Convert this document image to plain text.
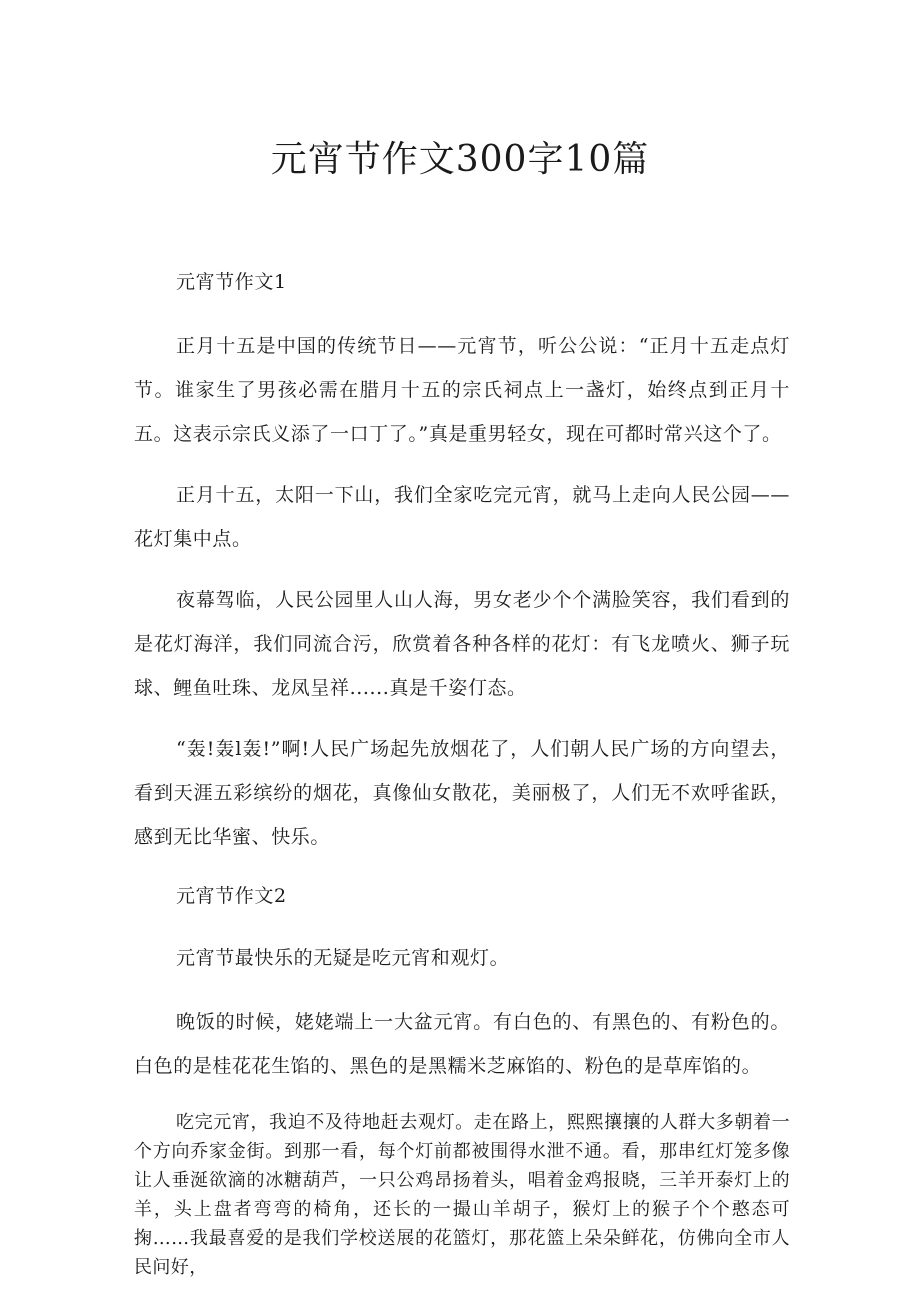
元宵节作文300字10篇

元宵节作文1

正月十五是中国的传统节日——元宵节，听公公说：“正月十五走点灯节。谁家生了男孩必需在腊月十五的宗氏祠点上一盏灯，始终点到正月十五。这表示宗氏义添了一口丁了。”真是重男轻女，现在可都时常兴这个了。

正月十五，太阳一下山，我们全家吃完元宵，就马上走向人民公园——花灯集中点。

夜幕驾临，人民公园里人山人海，男女老少个个满脸笑容，我们看到的是花灯海洋，我们同流合污，欣赏着各种各样的花灯：有飞龙喷火、狮子玩球、鲤鱼吐珠、龙凤呈祥......真是千姿仃态。

“轰!轰l轰!”啊!人民广场起先放烟花了，人们朝人民广场的方向望去，看到天涯五彩缤纷的烟花，真像仙女散花，美丽极了，人们无不欢呼雀跃，感到无比华蜜、快乐。

元宵节作文2

元宵节最快乐的无疑是吃元宵和观灯。

晚饭的时候，姥姥端上一大盆元宵。有白色的、有黑色的、有粉色的。白色的是桂花花生馅的、黑色的是黑糯米芝麻馅的、粉色的是草库馅的。

吃完元宵，我迫不及待地赶去观灯。走在路上，熙熙攘攘的人群大多朝着一个方向乔家金街。到那一看，每个灯前都被围得水泄不通。看，那串红灯笼多像让人垂涎欲滴的冰糖葫芦，一只公鸡昂扬着头，唱着金鸡报晓，三羊开泰灯上的羊，头上盘者弯弯的椅角，还长的一撮山羊胡子，猴灯上的猴子个个憨态可掬……我最喜爱的是我们学校送展的花篮灯，那花篮上朵朵鲜花，仿佛向全市人民问好，
